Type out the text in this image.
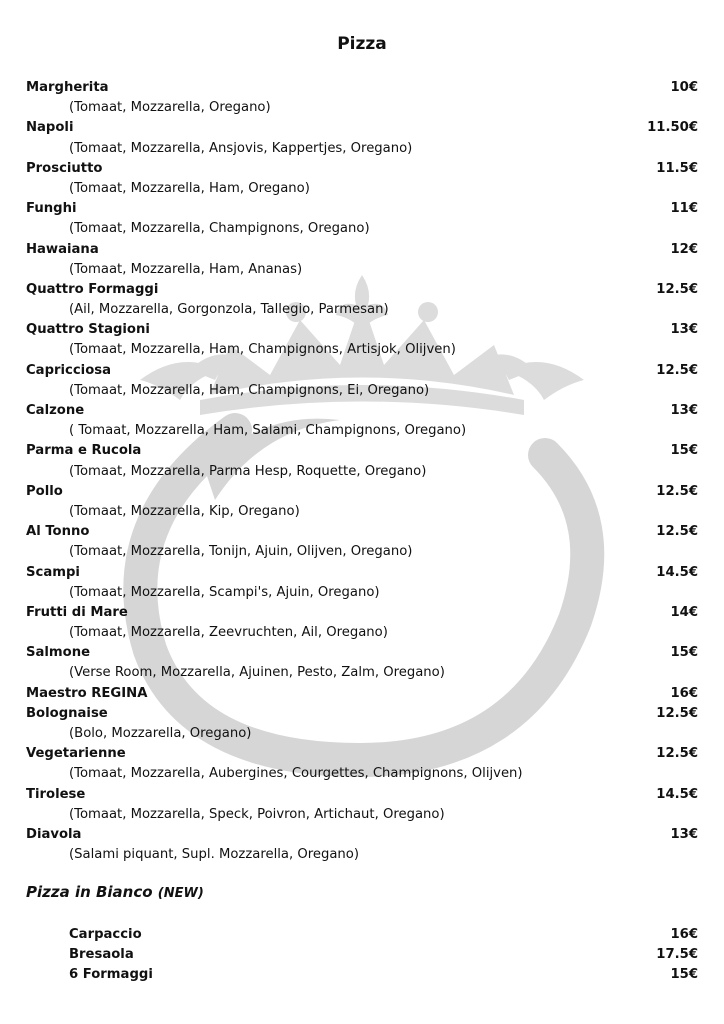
Pizza
Margherita	10€
(Tomaat, Mozzarella, Oregano)
Napoli	11.50€
(Tomaat, Mozzarella, Ansjovis, Kappertjes, Oregano)
Prosciutto	11.5€
(Tomaat, Mozzarella, Ham, Oregano)
Funghi	11€
(Tomaat, Mozzarella, Champignons, Oregano)
Hawaiana	12€
(Tomaat, Mozzarella, Ham, Ananas)
Quattro Formaggi	12.5€
(Ail, Mozzarella, Gorgonzola, Tallegio, Parmesan)
Quattro Stagioni	13€
(Tomaat, Mozzarella, Ham, Champignons, Artisjok, Olijven)
Capricciosa	12.5€
(Tomaat, Mozzarella, Ham, Champignons, Ei, Oregano)
Calzone	13€
( Tomaat, Mozzarella, Ham, Salami, Champignons, Oregano)
Parma e Rucola	15€
(Tomaat, Mozzarella, Parma Hesp, Roquette, Oregano)
Pollo	12.5€
(Tomaat, Mozzarella, Kip, Oregano)
Al Tonno	12.5€
(Tomaat, Mozzarella, Tonijn, Ajuin, Olijven, Oregano)
Scampi	14.5€
(Tomaat, Mozzarella, Scampi's, Ajuin, Oregano)
Frutti di Mare	14€
(Tomaat, Mozzarella, Zeevruchten, Ail, Oregano)
Salmone	15€
(Verse Room, Mozzarella, Ajuinen, Pesto, Zalm, Oregano)
Maestro REGINA	16€
Bolognaise	12.5€
(Bolo, Mozzarella, Oregano)
Vegetarienne	12.5€
(Tomaat, Mozzarella, Aubergines, Courgettes, Champignons, Olijven)
Tirolese	14.5€
(Tomaat, Mozzarella, Speck, Poivron, Artichaut, Oregano)
Diavola	13€
(Salami piquant, Supl. Mozzarella, Oregano)
Pizza in Bianco (NEW)
Carpaccio	16€
Bresaola	17.5€
6 Formaggi	15€
